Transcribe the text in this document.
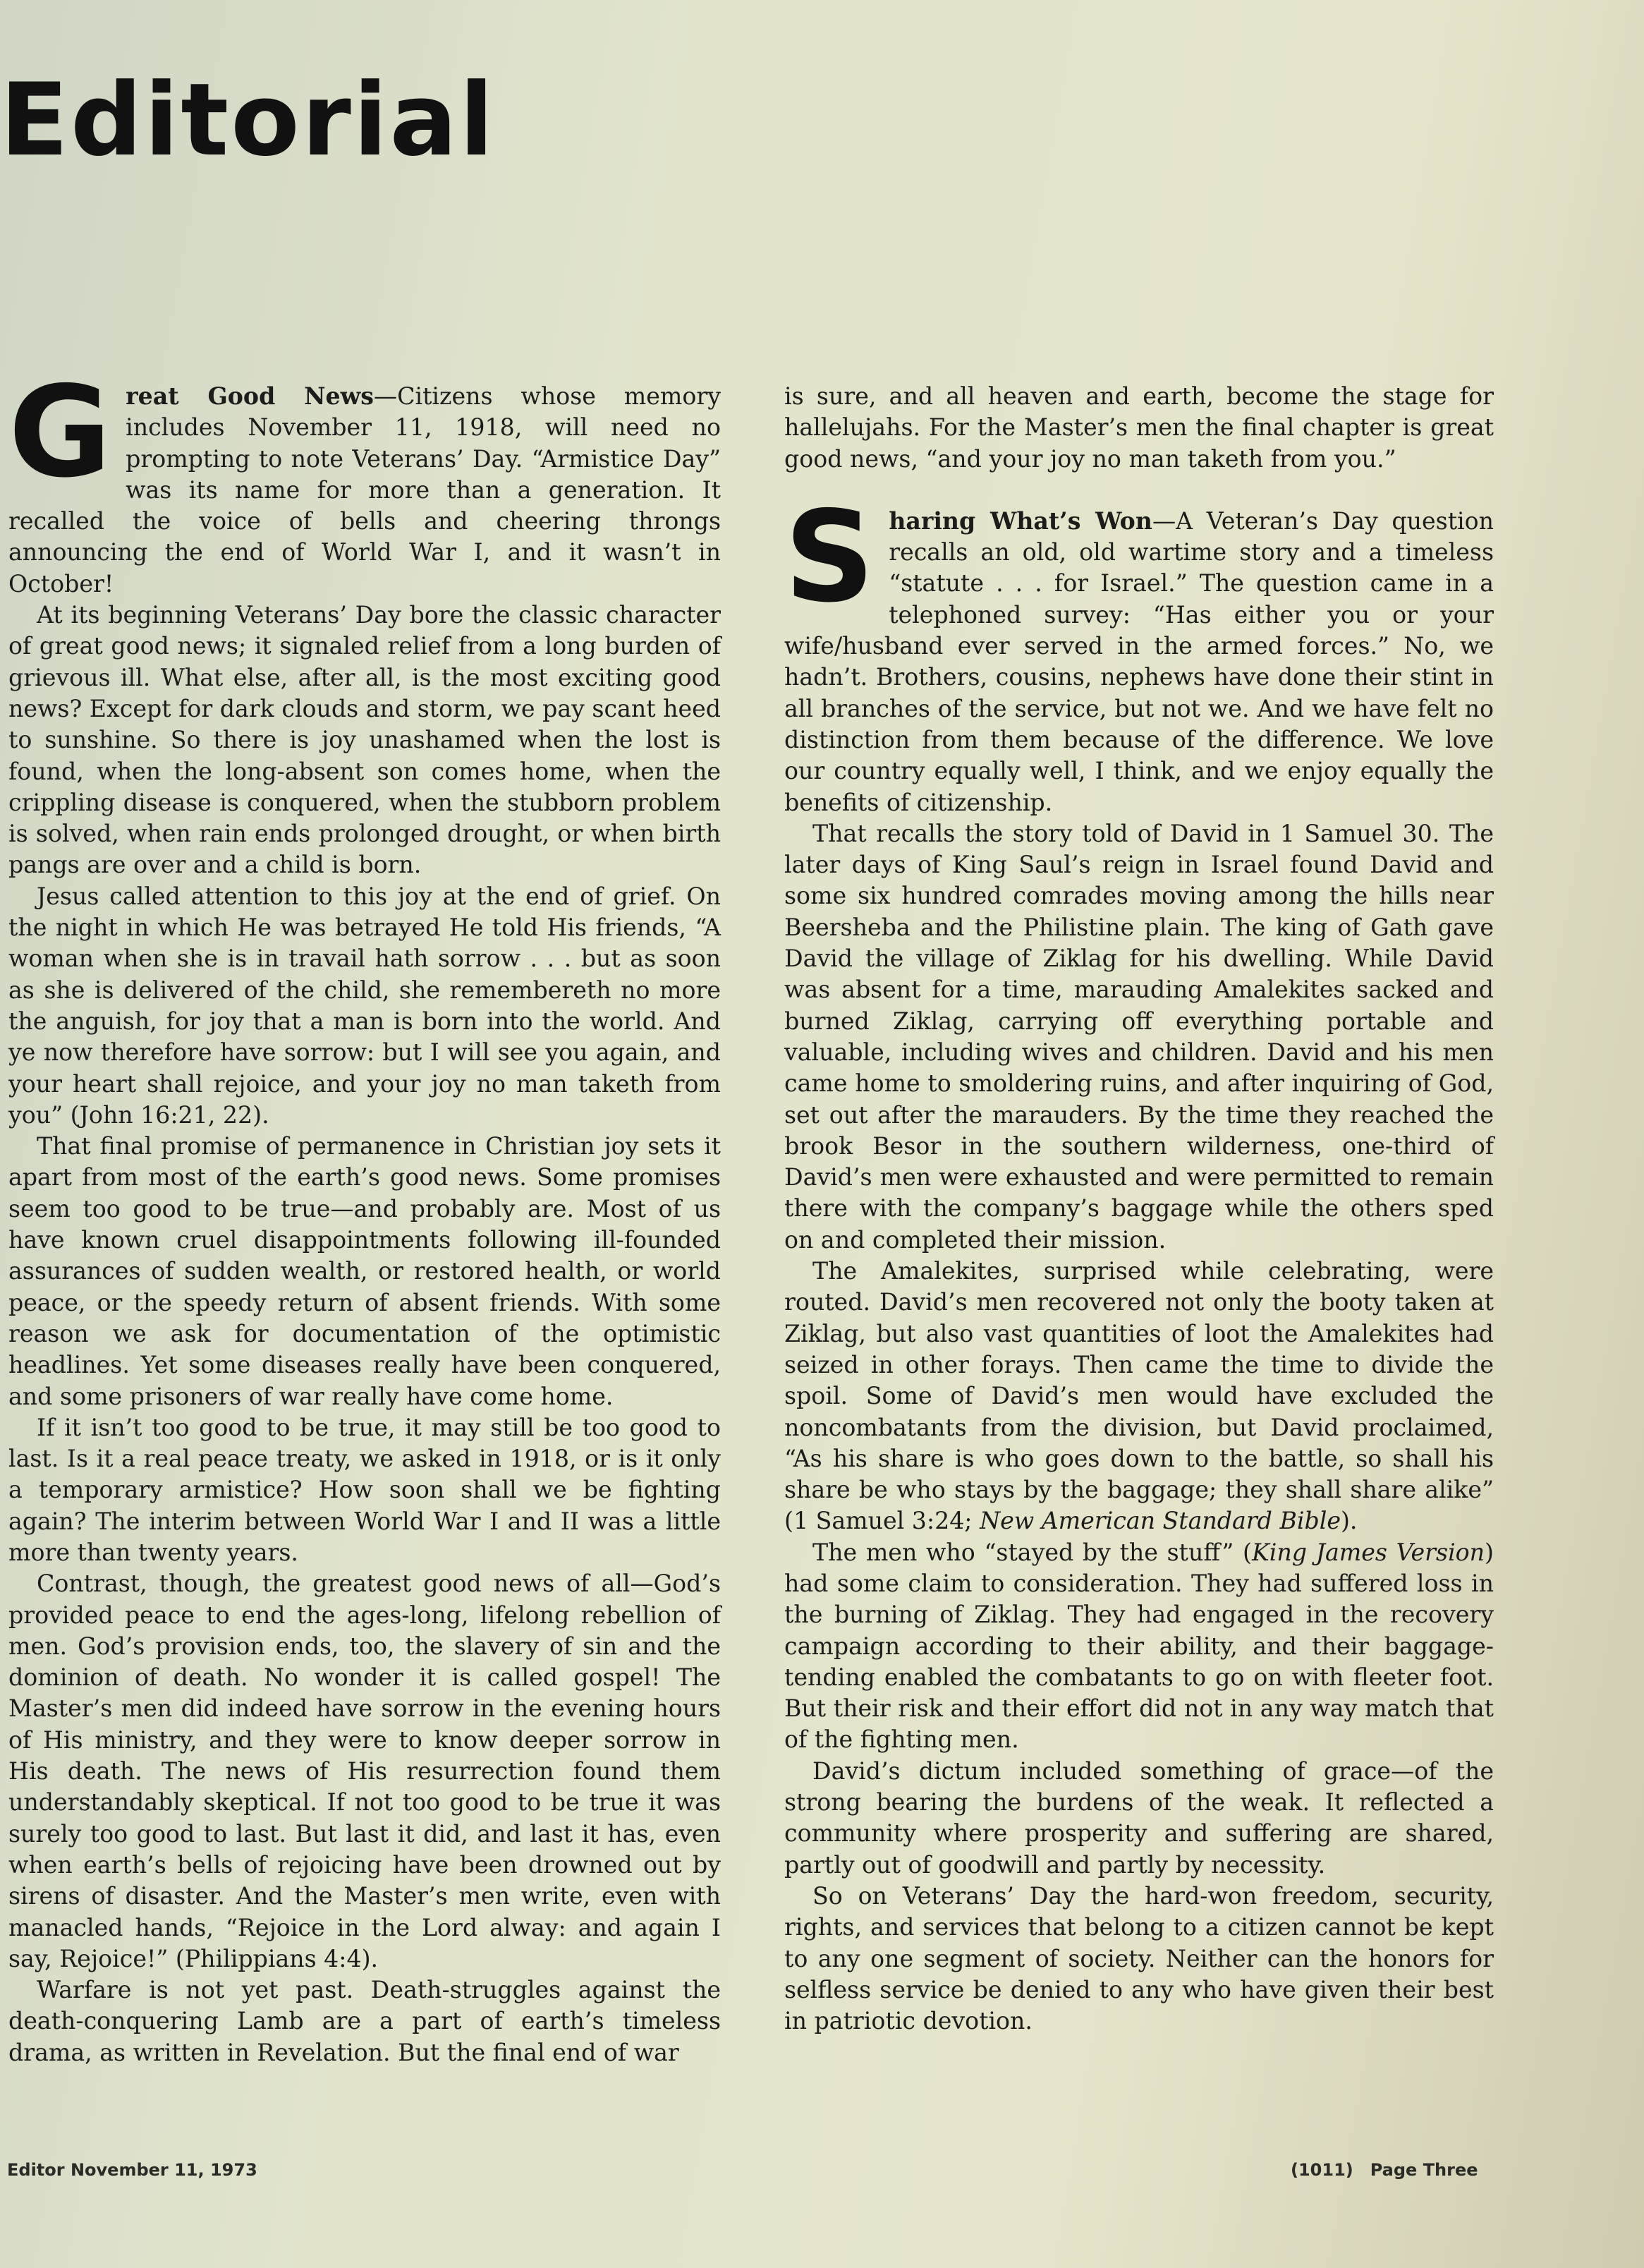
Editorial

Great Good News—Citizens whose memory includes November 11, 1918, will need no prompting to note Veterans’ Day. “Armistice Day” was its name for more than a generation. It recalled the voice of bells and cheering throngs announcing the end of World War I, and it wasn’t in October!

At its beginning Veterans’ Day bore the classic character of great good news; it signaled relief from a long burden of grievous ill. What else, after all, is the most exciting good news? Except for dark clouds and storm, we pay scant heed to sunshine. So there is joy unashamed when the lost is found, when the long-absent son comes home, when the crippling disease is conquered, when the stubborn problem is solved, when rain ends prolonged drought, or when birth pangs are over and a child is born.

Jesus called attention to this joy at the end of grief. On the night in which He was betrayed He told His friends, “A woman when she is in travail hath sorrow . . . but as soon as she is delivered of the child, she remembereth no more the anguish, for joy that a man is born into the world. And ye now therefore have sorrow: but I will see you again, and your heart shall rejoice, and your joy no man taketh from you” (John 16:21, 22).

That final promise of permanence in Christian joy sets it apart from most of the earth’s good news. Some promises seem too good to be true—and probably are. Most of us have known cruel disappointments following ill-founded assurances of sudden wealth, or restored health, or world peace, or the speedy return of absent friends. With some reason we ask for documentation of the optimistic headlines. Yet some diseases really have been conquered, and some prisoners of war really have come home.

If it isn’t too good to be true, it may still be too good to last. Is it a real peace treaty, we asked in 1918, or is it only a temporary armistice? How soon shall we be fighting again? The interim between World War I and II was a little more than twenty years.

Contrast, though, the greatest good news of all—God’s provided peace to end the ages-long, lifelong rebellion of men. God’s provision ends, too, the slavery of sin and the dominion of death. No wonder it is called gospel! The Master’s men did indeed have sorrow in the evening hours of His ministry, and they were to know deeper sorrow in His death. The news of His resurrection found them understandably skeptical. If not too good to be true it was surely too good to last. But last it did, and last it has, even when earth’s bells of rejoicing have been drowned out by sirens of disaster. And the Master’s men write, even with manacled hands, “Rejoice in the Lord alway: and again I say, Rejoice!” (Philippians 4:4).

Warfare is not yet past. Death-struggles against the death-conquering Lamb are a part of earth’s timeless drama, as written in Revelation. But the final end of war

is sure, and all heaven and earth, become the stage for hallelujahs. For the Master’s men the final chapter is great good news, “and your joy no man taketh from you.”

Sharing What’s Won—A Veteran’s Day question recalls an old, old wartime story and a timeless “statute . . . for Israel.” The question came in a telephoned survey: “Has either you or your wife/husband ever served in the armed forces.” No, we hadn’t. Brothers, cousins, nephews have done their stint in all branches of the service, but not we. And we have felt no distinction from them because of the difference. We love our country equally well, I think, and we enjoy equally the benefits of citizenship.

That recalls the story told of David in 1 Samuel 30. The later days of King Saul’s reign in Israel found David and some six hundred comrades moving among the hills near Beersheba and the Philistine plain. The king of Gath gave David the village of Ziklag for his dwelling. While David was absent for a time, marauding Amalekites sacked and burned Ziklag, carrying off everything portable and valuable, including wives and children. David and his men came home to smoldering ruins, and after inquiring of God, set out after the marauders. By the time they reached the brook Besor in the southern wilderness, one-third of David’s men were exhausted and were permitted to remain there with the company’s baggage while the others sped on and completed their mission.

The Amalekites, surprised while celebrating, were routed. David’s men recovered not only the booty taken at Ziklag, but also vast quantities of loot the Amalekites had seized in other forays. Then came the time to divide the spoil. Some of David’s men would have excluded the noncombatants from the division, but David proclaimed, “As his share is who goes down to the battle, so shall his share be who stays by the baggage; they shall share alike” (1 Samuel 3:24; New American Standard Bible).

The men who “stayed by the stuff” (King James Version) had some claim to consideration. They had suffered loss in the burning of Ziklag. They had engaged in the recovery campaign according to their ability, and their baggage-tending enabled the combatants to go on with fleeter foot. But their risk and their effort did not in any way match that of the fighting men.

David’s dictum included something of grace—of the strong bearing the burdens of the weak. It reflected a community where prosperity and suffering are shared, partly out of goodwill and partly by necessity.

So on Veterans’ Day the hard-won freedom, security, rights, and services that belong to a citizen cannot be kept to any one segment of society. Neither can the honors for selfless service be denied to any who have given their best in patriotic devotion.

Editor November 11, 1973	(1011) Page Three
